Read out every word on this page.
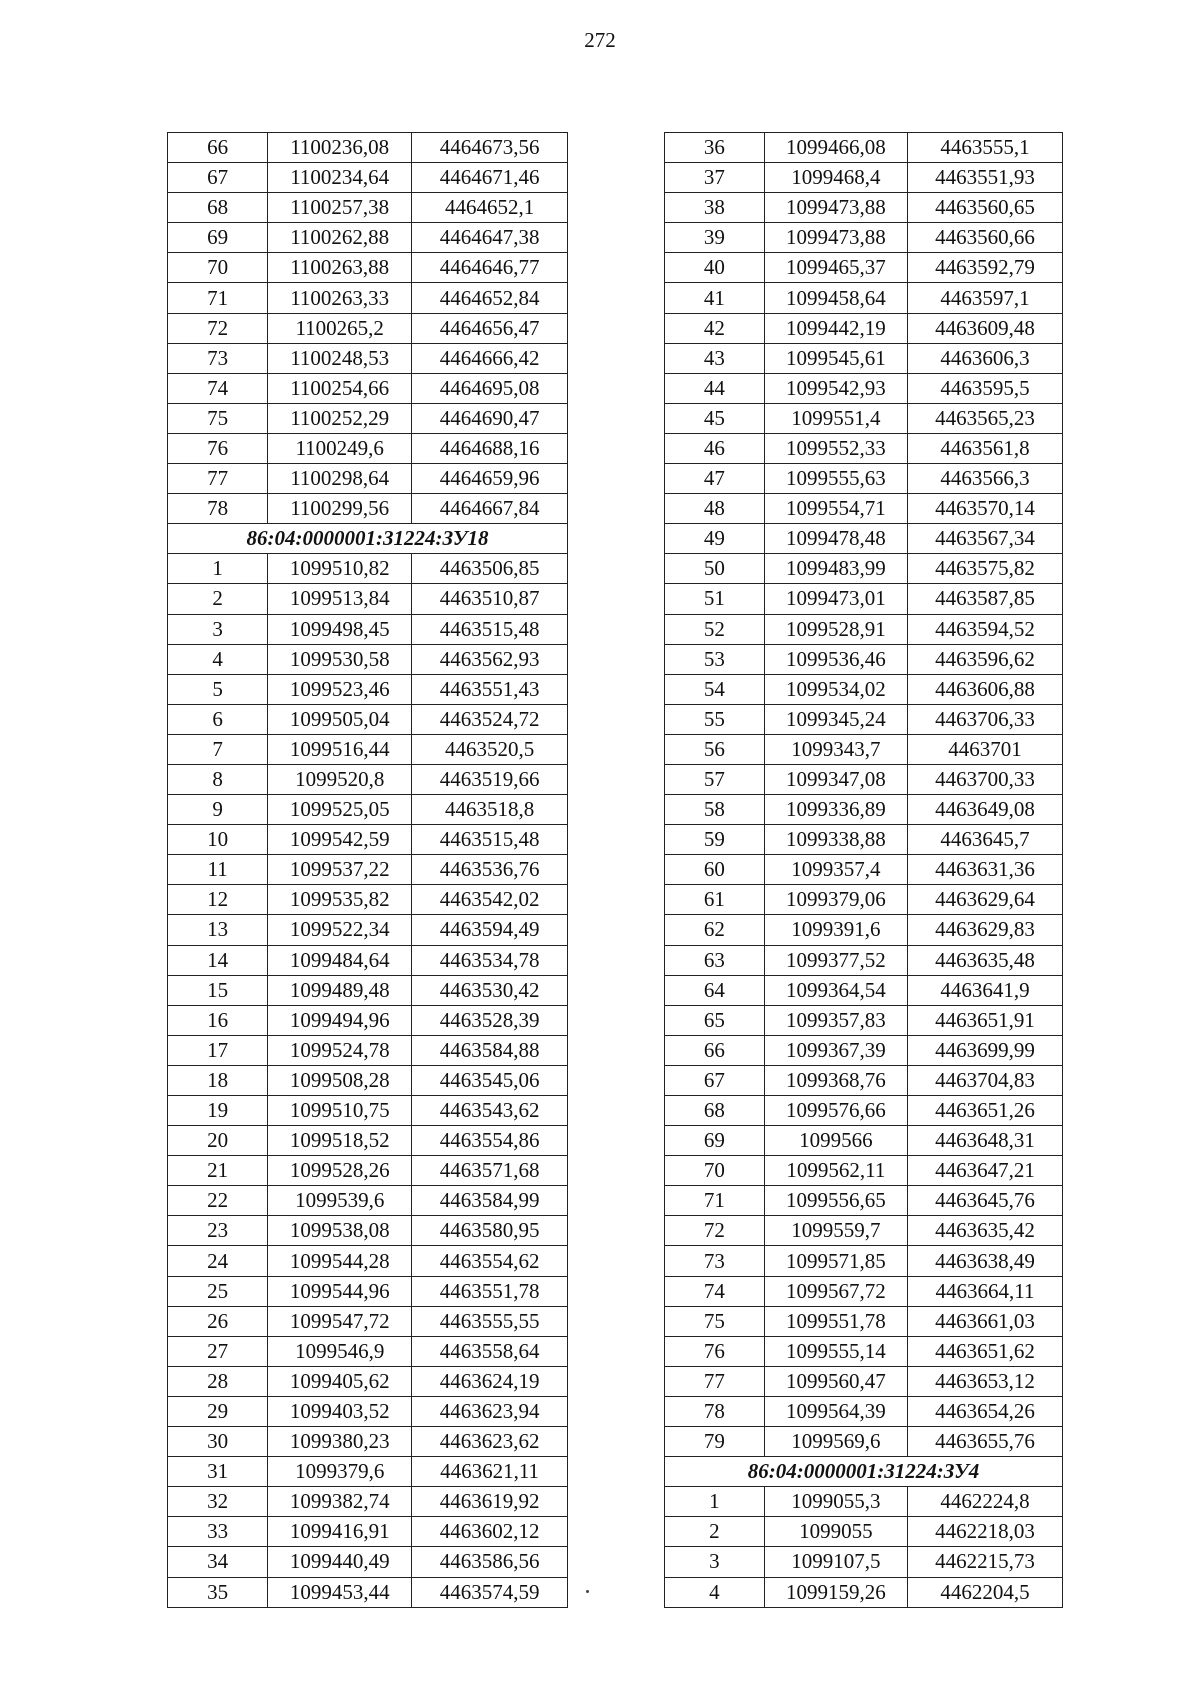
272
66	1100236,08	4464673,56
67	1100234,64	4464671,46
68	1100257,38	4464652,1
69	1100262,88	4464647,38
70	1100263,88	4464646,77
71	1100263,33	4464652,84
72	1100265,2	4464656,47
73	1100248,53	4464666,42
74	1100254,66	4464695,08
75	1100252,29	4464690,47
76	1100249,6	4464688,16
77	1100298,64	4464659,96
78	1100299,56	4464667,84
86:04:0000001:31224:ЗУ18		
1	1099510,82	4463506,85
2	1099513,84	4463510,87
3	1099498,45	4463515,48
4	1099530,58	4463562,93
5	1099523,46	4463551,43
6	1099505,04	4463524,72
7	1099516,44	4463520,5
8	1099520,8	4463519,66
9	1099525,05	4463518,8
10	1099542,59	4463515,48
11	1099537,22	4463536,76
12	1099535,82	4463542,02
13	1099522,34	4463594,49
14	1099484,64	4463534,78
15	1099489,48	4463530,42
16	1099494,96	4463528,39
17	1099524,78	4463584,88
18	1099508,28	4463545,06
19	1099510,75	4463543,62
20	1099518,52	4463554,86
21	1099528,26	4463571,68
22	1099539,6	4463584,99
23	1099538,08	4463580,95
24	1099544,28	4463554,62
25	1099544,96	4463551,78
26	1099547,72	4463555,55
27	1099546,9	4463558,64
28	1099405,62	4463624,19
29	1099403,52	4463623,94
30	1099380,23	4463623,62
31	1099379,6	4463621,11
32	1099382,74	4463619,92
33	1099416,91	4463602,12
34	1099440,49	4463586,56
35	1099453,44	4463574,59
36	1099466,08	4463555,1
37	1099468,4	4463551,93
38	1099473,88	4463560,65
39	1099473,88	4463560,66
40	1099465,37	4463592,79
41	1099458,64	4463597,1
42	1099442,19	4463609,48
43	1099545,61	4463606,3
44	1099542,93	4463595,5
45	1099551,4	4463565,23
46	1099552,33	4463561,8
47	1099555,63	4463566,3
48	1099554,71	4463570,14
49	1099478,48	4463567,34
50	1099483,99	4463575,82
51	1099473,01	4463587,85
52	1099528,91	4463594,52
53	1099536,46	4463596,62
54	1099534,02	4463606,88
55	1099345,24	4463706,33
56	1099343,7	4463701
57	1099347,08	4463700,33
58	1099336,89	4463649,08
59	1099338,88	4463645,7
60	1099357,4	4463631,36
61	1099379,06	4463629,64
62	1099391,6	4463629,83
63	1099377,52	4463635,48
64	1099364,54	4463641,9
65	1099357,83	4463651,91
66	1099367,39	4463699,99
67	1099368,76	4463704,83
68	1099576,66	4463651,26
69	1099566	4463648,31
70	1099562,11	4463647,21
71	1099556,65	4463645,76
72	1099559,7	4463635,42
73	1099571,85	4463638,49
74	1099567,72	4463664,11
75	1099551,78	4463661,03
76	1099555,14	4463651,62
77	1099560,47	4463653,12
78	1099564,39	4463654,26
79	1099569,6	4463655,76
86:04:0000001:31224:ЗУ4		
1	1099055,3	4462224,8
2	1099055	4462218,03
3	1099107,5	4462215,73
4	1099159,26	4462204,5
